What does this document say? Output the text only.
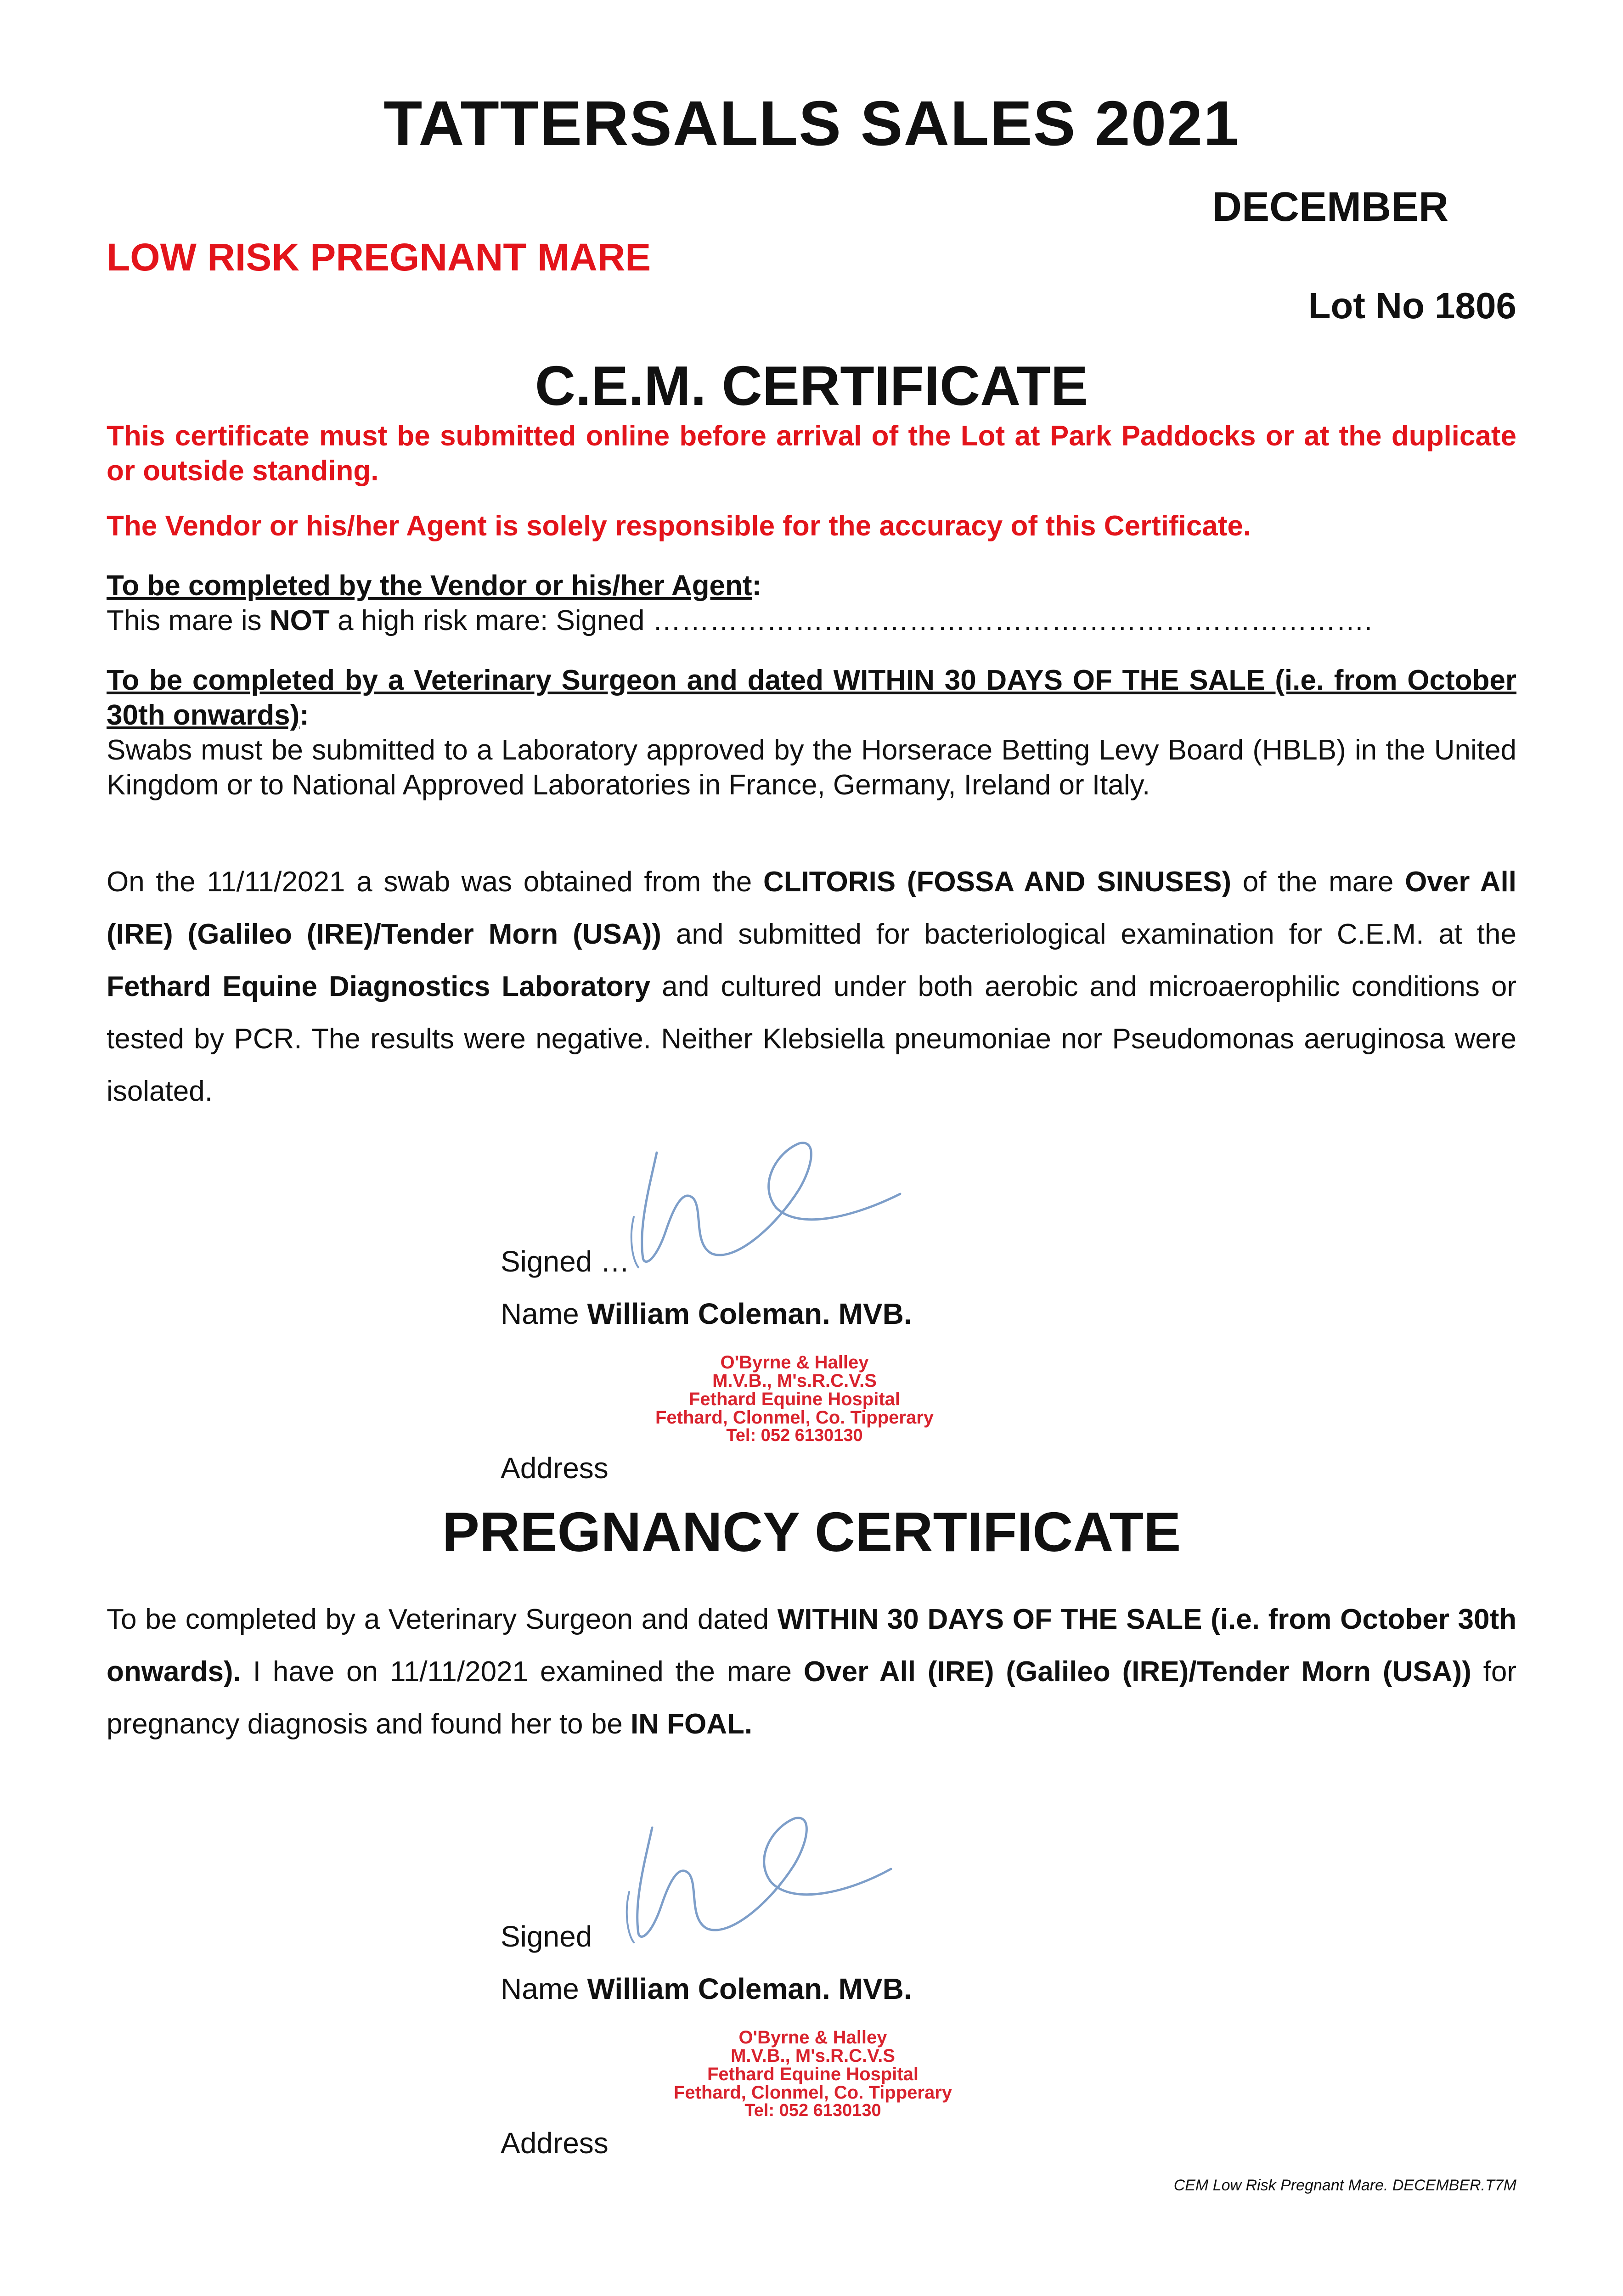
TATTERSALLS SALES 2021
DECEMBER
LOW RISK PREGNANT MARE
Lot No 1806
C.E.M. CERTIFICATE
This certificate must be submitted online before arrival of the Lot at Park Paddocks or at the duplicate or outside standing.
The Vendor or his/her Agent is solely responsible for the accuracy of this Certificate.
To be completed by the Vendor or his/her Agent:
This mare is NOT a high risk mare: Signed ………………………………………………………………….
To be completed by a Veterinary Surgeon and dated WITHIN 30 DAYS OF THE SALE (i.e. from October 30th onwards):
Swabs must be submitted to a Laboratory approved by the Horserace Betting Levy Board (HBLB) in the United Kingdom or to National Approved Laboratories in France, Germany, Ireland or Italy.
On the 11/11/2021 a swab was obtained from the CLITORIS (FOSSA AND SINUSES) of the mare Over All (IRE) (Galileo (IRE)/Tender Morn (USA)) and submitted for bacteriological examination for C.E.M. at the Fethard Equine Diagnostics Laboratory and cultured under both aerobic and microaerophilic conditions or tested by PCR. The results were negative. Neither Klebsiella pneumoniae nor Pseudomonas aeruginosa were isolated.
Signed …
Name William Coleman. MVB.
O'Byrne & Halley
M.V.B., M's.R.C.V.S
Fethard Equine Hospital
Fethard, Clonmel, Co. Tipperary
Tel: 052 6130130
Address
PREGNANCY CERTIFICATE
To be completed by a Veterinary Surgeon and dated WITHIN 30 DAYS OF THE SALE (i.e. from October 30th onwards). I have on 11/11/2021 examined the mare Over All (IRE) (Galileo (IRE)/Tender Morn (USA)) for pregnancy diagnosis and found her to be IN FOAL.
Signed
Name William Coleman. MVB.
O'Byrne & Halley
M.V.B., M's.R.C.V.S
Fethard Equine Hospital
Fethard, Clonmel, Co. Tipperary
Tel: 052 6130130
Address
CEM Low Risk Pregnant Mare. DECEMBER.T7M
